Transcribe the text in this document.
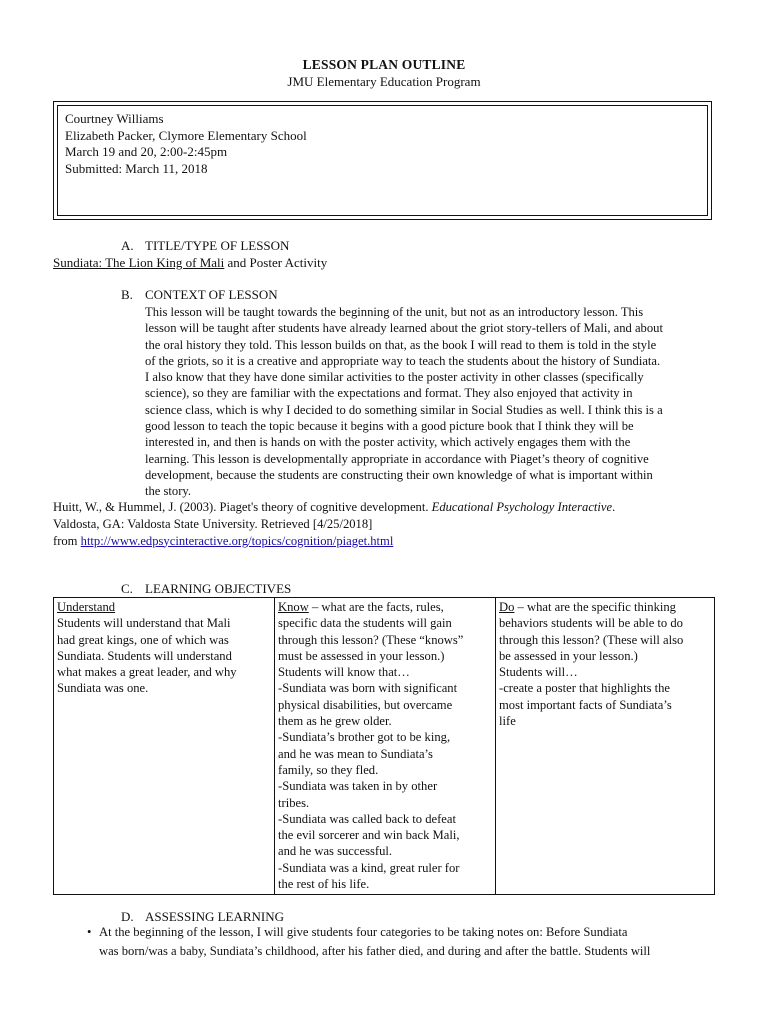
LESSON PLAN OUTLINE
JMU Elementary Education Program
Courtney Williams
Elizabeth Packer, Clymore Elementary School
March 19 and 20, 2:00-2:45pm
Submitted: March 11, 2018
A. TITLE/TYPE OF LESSON
Sundiata: The Lion King of Mali and Poster Activity
B. CONTEXT OF LESSON
This lesson will be taught towards the beginning of the unit, but not as an introductory lesson. This
lesson will be taught after students have already learned about the griot story-tellers of Mali, and about
the oral history they told. This lesson builds on that, as the book I will read to them is told in the style
of the griots, so it is a creative and appropriate way to teach the students about the history of Sundiata.
I also know that they have done similar activities to the poster activity in other classes (specifically
science), so they are familiar with the expectations and format. They also enjoyed that activity in
science class, which is why I decided to do something similar in Social Studies as well. I think this is a
good lesson to teach the topic because it begins with a good picture book that I think they will be
interested in, and then is hands on with the poster activity, which actively engages them with the
learning. This lesson is developmentally appropriate in accordance with Piaget’s theory of cognitive
development, because the students are constructing their own knowledge of what is important within
the story.
Huitt, W., & Hummel, J. (2003). Piaget's theory of cognitive development. Educational Psychology Interactive.
Valdosta, GA: Valdosta State University. Retrieved [4/25/2018]
from http://www.edpsycinteractive.org/topics/cognition/piaget.html
C. LEARNING OBJECTIVES
Understand
Students will understand that Mali
had great kings, one of which was
Sundiata. Students will understand
what makes a great leader, and why
Sundiata was one.

Know – what are the facts, rules,
specific data the students will gain
through this lesson? (These “knows”
must be assessed in your lesson.)
Students will know that…
-Sundiata was born with significant
physical disabilities, but overcame
them as he grew older.
-Sundiata’s brother got to be king,
and he was mean to Sundiata’s
family, so they fled.
-Sundiata was taken in by other
tribes.
-Sundiata was called back to defeat
the evil sorcerer and win back Mali,
and he was successful.
-Sundiata was a kind, great ruler for
the rest of his life.

Do – what are the specific thinking
behaviors students will be able to do
through this lesson? (These will also
be assessed in your lesson.)
Students will…
-create a poster that highlights the
most important facts of Sundiata’s
life
D. ASSESSING LEARNING
• At the beginning of the lesson, I will give students four categories to be taking notes on: Before Sundiata
was born/was a baby, Sundiata’s childhood, after his father died, and during and after the battle. Students will
